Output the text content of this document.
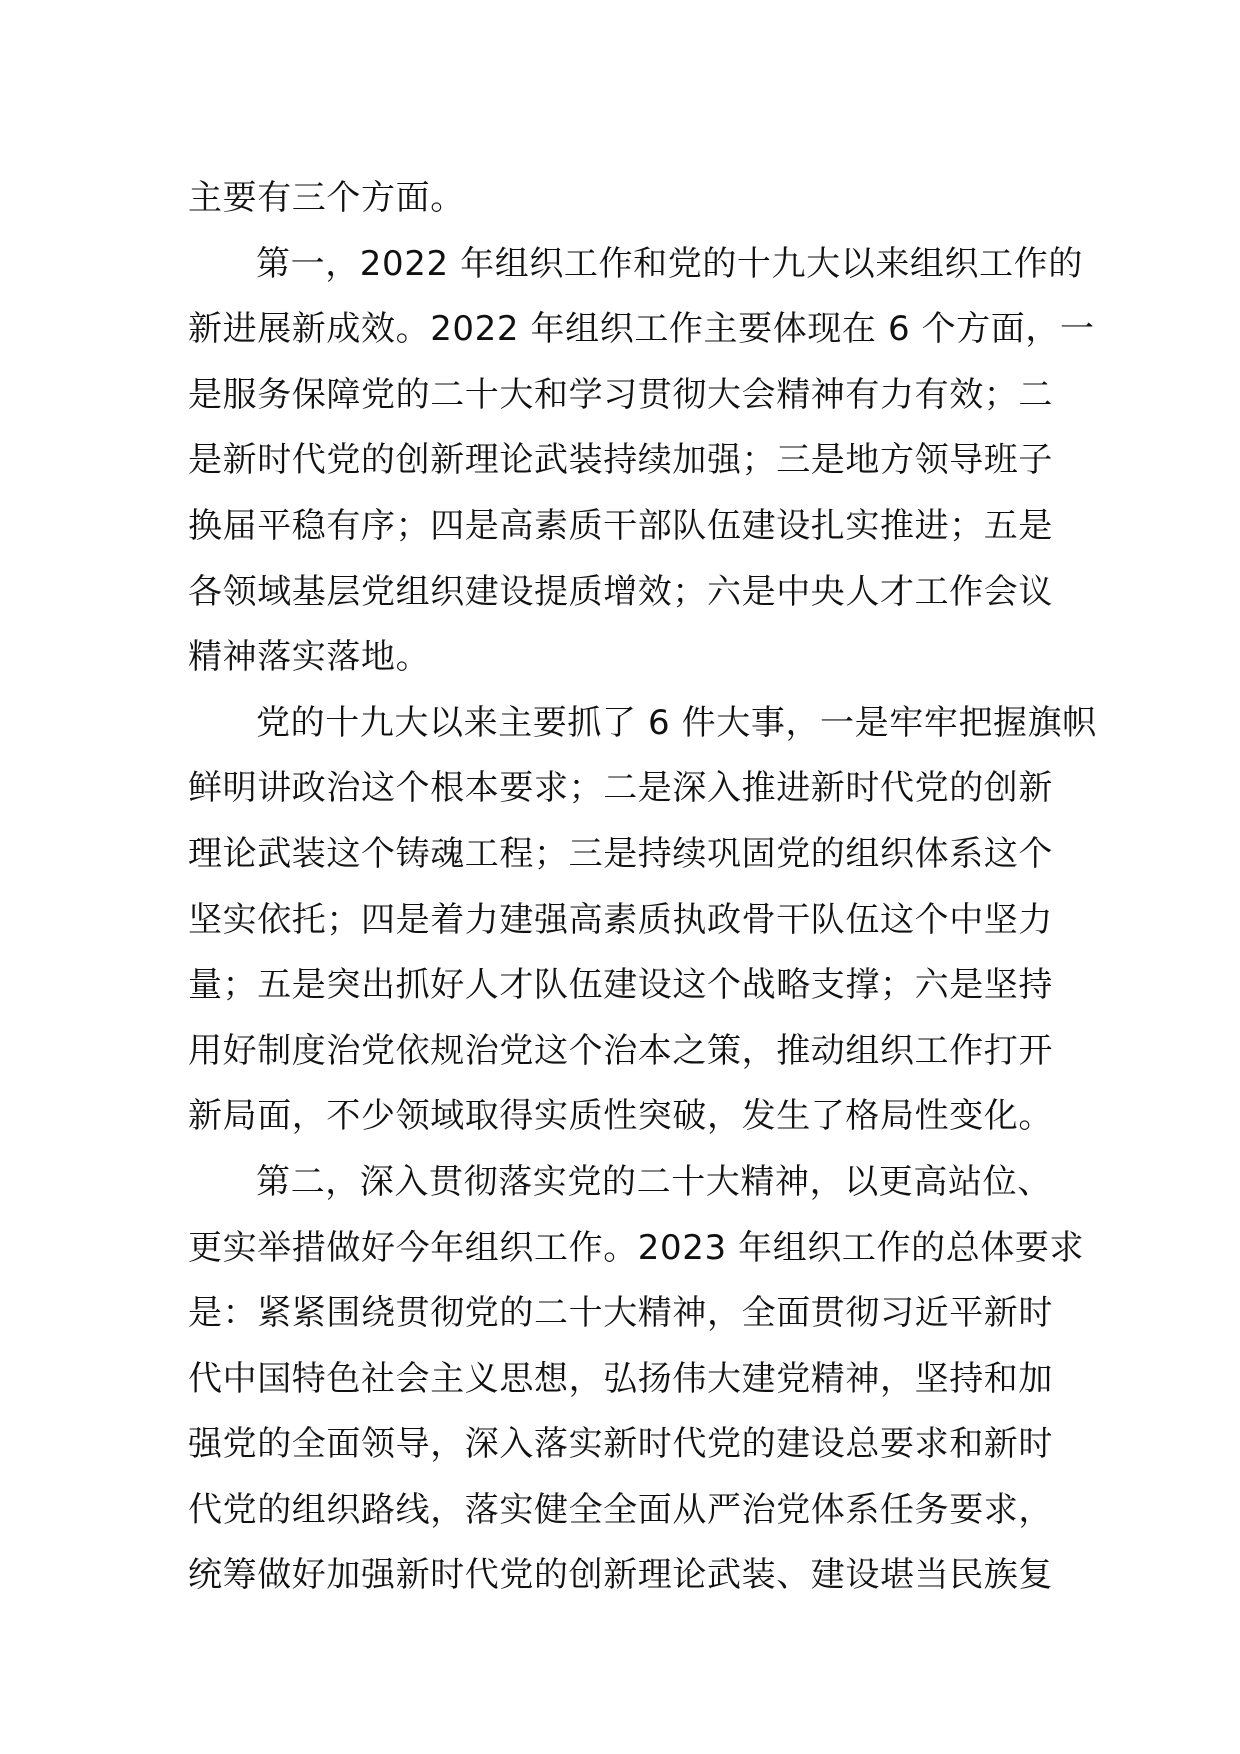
主要有三个方面。
第一，2022 年组织工作和党的十九大以来组织工作的
新进展新成效。2022 年组织工作主要体现在 6 个方面，一
是服务保障党的二十大和学习贯彻大会精神有力有效；二
是新时代党的创新理论武装持续加强；三是地方领导班子
换届平稳有序；四是高素质干部队伍建设扎实推进；五是
各领域基层党组织建设提质增效；六是中央人才工作会议
精神落实落地。
党的十九大以来主要抓了 6 件大事，一是牢牢把握旗帜
鲜明讲政治这个根本要求；二是深入推进新时代党的创新
理论武装这个铸魂工程；三是持续巩固党的组织体系这个
坚实依托；四是着力建强高素质执政骨干队伍这个中坚力
量；五是突出抓好人才队伍建设这个战略支撑；六是坚持
用好制度治党依规治党这个治本之策，推动组织工作打开
新局面，不少领域取得实质性突破，发生了格局性变化。
第二，深入贯彻落实党的二十大精神，以更高站位、
更实举措做好今年组织工作。2023 年组织工作的总体要求
是：紧紧围绕贯彻党的二十大精神，全面贯彻习近平新时
代中国特色社会主义思想，弘扬伟大建党精神，坚持和加
强党的全面领导，深入落实新时代党的建设总要求和新时
代党的组织路线，落实健全全面从严治党体系任务要求，
统筹做好加强新时代党的创新理论武装、建设堪当民族复
